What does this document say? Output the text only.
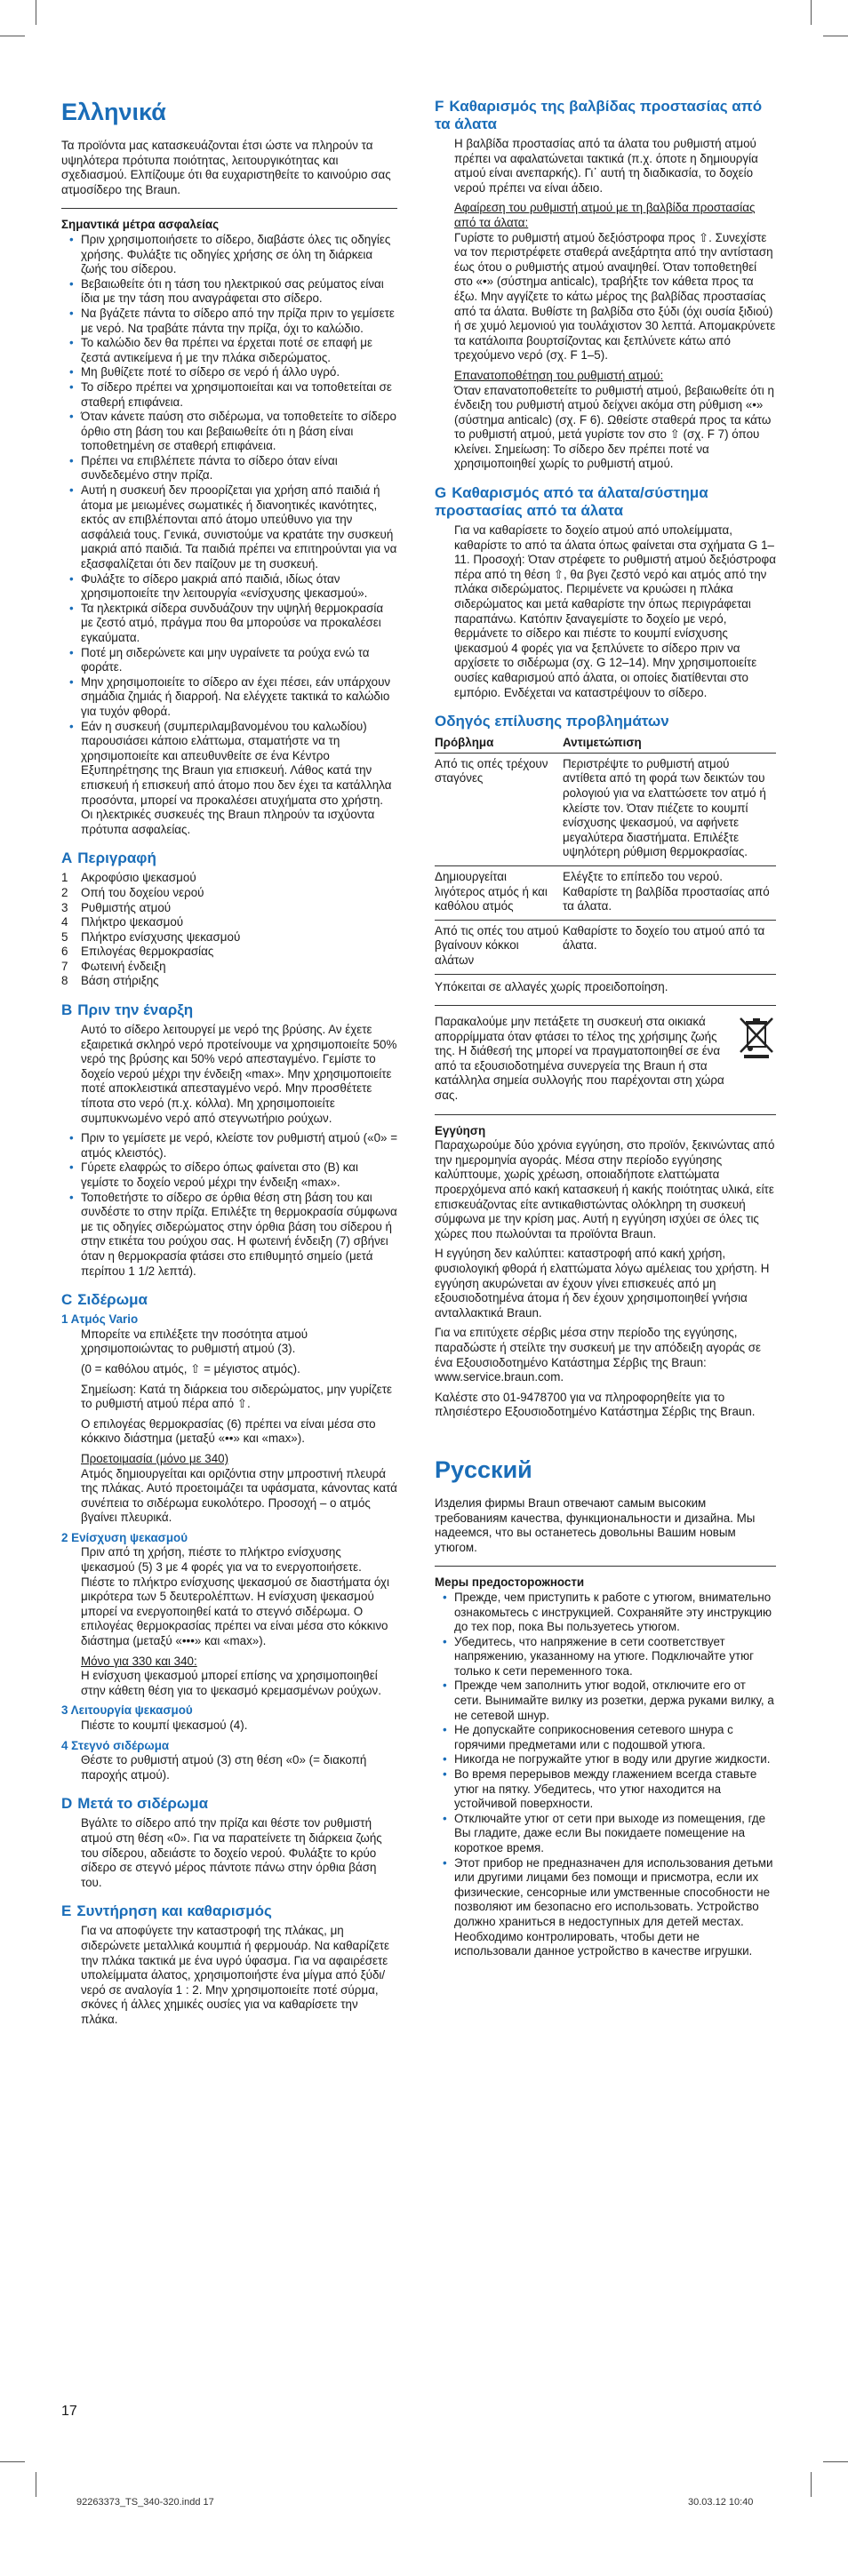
Ελληνικά

Τα προϊόντα μας κατασκευάζονται έτσι ώστε να πληρούν τα υψηλότερα πρότυπα ποιότητας, λειτουργικότητας και σχεδιασμού. Ελπίζουμε ότι θα ευχαριστηθείτε το καινούριο σας ατμοσίδερο της Braun.

Σημαντικά μέτρα ασφαλείας
• Πριν χρησιμοποιήσετε το σίδερο, διαβάστε όλες τις οδηγίες χρήσης. Φυλάξτε τις οδηγίες χρήσης σε όλη τη διάρκεια ζωής του σίδερου.
• Βεβαιωθείτε ότι η τάση του ηλεκτρικού σας ρεύματος είναι ίδια με την τάση που αναγράφεται στο σίδερο.
• Να βγάζετε πάντα το σίδερο από την πρίζα πριν το γεμίσετε με νερό. Να τραβάτε πάντα την πρίζα, όχι το καλώδιο.
• Το καλώδιο δεν θα πρέπει να έρχεται ποτέ σε επαφή με ζεστά αντικείμενα ή με την πλάκα σιδερώματος.
• Μη βυθίζετε ποτέ το σίδερο σε νερό ή άλλο υγρό.
• Το σίδερο πρέπει να χρησιμοποιείται και να τοποθετείται σε σταθερή επιφάνεια.
• Όταν κάνετε παύση στο σιδέρωμα, να τοποθετείτε το σίδερο όρθιο στη βάση του και βεβαιωθείτε ότι η βάση είναι τοποθετημένη σε σταθερή επιφάνεια.
• Πρέπει να επιβλέπετε πάντα το σίδερο όταν είναι συνδεδεμένο στην πρίζα.
• Αυτή η συσκευή δεν προορίζεται για χρήση από παιδιά ή άτομα με μειωμένες σωματικές ή διανοητικές ικανότητες, εκτός αν επιβλέπονται από άτομο υπεύθυνο για την ασφάλειά τους. Γενικά, συνιστούμε να κρατάτε την συσκευή μακριά από παιδιά. Τα παιδιά πρέπει να επιτηρούνται για να εξασφαλίζεται ότι δεν παίζουν με τη συσκευή.
• Φυλάξτε το σίδερο μακριά από παιδιά, ιδίως όταν χρησιμοποιείτε την λειτουργία «ενίσχυσης ψεκασμού».
• Τα ηλεκτρικά σίδερα συνδυάζουν την υψηλή θερμοκρασία με ζεστό ατμό, πράγμα που θα μπορούσε να προκαλέσει εγκαύματα.
• Ποτέ μη σιδερώνετε και μην υγραίνετε τα ρούχα ενώ τα φοράτε.
• Μην χρησιμοποιείτε το σίδερο αν έχει πέσει, εάν υπάρχουν σημάδια ζημιάς ή διαρροή. Να ελέγχετε τακτικά το καλώδιο για τυχόν φθορά.
• Εάν η συσκευή (συμπεριλαμβανομένου του καλωδίου) παρουσιάσει κάποιο ελάττωμα, σταματήστε να τη χρησιμοποιείτε και απευθυνθείτε σε ένα Κέντρο Εξυπηρέτησης της Braun για επισκευή. Λάθος κατά την επισκευή ή επισκευή από άτομο που δεν έχει τα κατάλληλα προσόντα, μπορεί να προκαλέσει ατυχήματα στο χρήστη. Οι ηλεκτρικές συσκευές της Braun πληρούν τα ισχύοντα πρότυπα ασφαλείας.
A Περιγραφή
1	Ακροφύσιο ψεκασμού
2	Οπή του δοχείου νερού
3	Ρυθμιστής ατμού
4	Πλήκτρο ψεκασμού
5	Πλήκτρο ενίσχυσης ψεκασμού
6	Επιλογέας θερμοκρασίας
7	Φωτεινή ένδειξη
8	Βάση στήριξης
B Πριν την έναρξη

Αυτό το σίδερο λειτουργεί με νερό της βρύσης. Αν έχετε εξαιρετικά σκληρό νερό προτείνουμε να χρησιμοποιείτε 50% νερό της βρύσης και 50% νερό απεσταγμένο. Γεμίστε το δοχείο νερού μέχρι την ένδειξη «max». Μην χρησιμοποιείτε ποτέ αποκλειστικά απεσταγμένο νερό. Μην προσθέτετε τίποτα στο νερό (π.χ. κόλλα). Μη χρησιμοποιείτε συμπυκνωμένο νερό από στεγνωτήριο ρούχων.

• Πριν το γεμίσετε με νερό, κλείστε τον ρυθμιστή ατμού («0» = ατμός κλειστός).
• Γύρετε ελαφρώς το σίδερο όπως φαίνεται στο (B) και γεμίστε το δοχείο νερού μέχρι την ένδειξη «max».
• Τοποθετήστε το σίδερο σε όρθια θέση στη βάση του και συνδέστε το στην πρίζα. Επιλέξτε τη θερμοκρασία σύμφωνα με τις οδηγίες σιδερώματος στην όρθια βάση του σίδερου ή στην ετικέτα του ρούχου σας. Η φωτεινή ένδειξη (7) σβήνει όταν η θερμοκρασία φτάσει στο επιθυμητό σημείο (μετά περίπου 1 1/2 λεπτά).
C Σιδέρωμα
1 Ατμός Vario

Μπορείτε να επιλέξετε την ποσότητα ατμού χρησιμοποιώντας το ρυθμιστή ατμού (3).

(0 = καθόλου ατμός, ⇧ = μέγιστος ατμός).

Σημείωση: Κατά τη διάρκεια του σιδερώματος, μην γυρίζετε το ρυθμιστή ατμού πέρα από ⇧.

Ο επιλογέας θερμοκρασίας (6) πρέπει να είναι μέσα στο κόκκινο διάστημα (μεταξύ «••» και «max»).

Προετοιμασία (μόνο με 340)

Ατμός δημιουργείται και οριζόντια στην μπροστινή πλευρά της πλάκας. Αυτό προετοιμάζει τα υφάσματα, κάνοντας κατά συνέπεια το σιδέρωμα ευκολότερο. Προσοχή – ο ατμός βγαίνει πλευρικά.

2 Ενίσχυση ψεκασμού

Πριν από τη χρήση, πιέστε το πλήκτρο ενίσχυσης ψεκασμού (5) 3 με 4 φορές για να το ενεργοποιήσετε. Πιέστε το πλήκτρο ενίσχυσης ψεκασμού σε διαστήματα όχι μικρότερα των 5 δευτερολέπτων. Η ενίσχυση ψεκασμού μπορεί να ενεργοποιηθεί κατά το στεγνό σιδέρωμα. Ο επιλογέας θερμοκρασίας πρέπει να είναι μέσα στο κόκκινο διάστημα (μεταξύ «•••» και «max»).

Μόνο για 330 και 340:

Η ενίσχυση ψεκασμού μπορεί επίσης να χρησιμοποιηθεί στην κάθετη θέση για το ψεκασμό κρεμασμένων ρούχων.

3 Λειτουργία ψεκασμού

Πιέστε το κουμπί ψεκασμού (4).

4 Στεγνό σιδέρωμα

Θέστε το ρυθμιστή ατμού (3) στη θέση «0» (= διακοπή παροχής ατμού).

D Μετά το σιδέρωμα

Βγάλτε το σίδερο από την πρίζα και θέστε τον ρυθμιστή ατμού στη θέση «0». Για να παρατείνετε τη διάρκεια ζωής του σίδερου, αδειάστε το δοχείο νερού. Φυλάξτε το κρύο σίδερο σε στεγνό μέρος πάντοτε πάνω στην όρθια βάση του.

E Συντήρηση και καθαρισμός

Για να αποφύγετε την καταστροφή της πλάκας, μη σιδερώνετε μεταλλικά κουμπιά ή φερμουάρ. Να καθαρίζετε την πλάκα τακτικά με ένα υγρό ύφασμα. Για να αφαιρέσετε υπολείμματα άλατος, χρησιμοποιήστε ένα μίγμα από ξύδι/νερό σε αναλογία 1 : 2. Μην χρησιμοποιείτε ποτέ σύρμα, σκόνες ή άλλες χημικές ουσίες για να καθαρίσετε την πλάκα.

F Καθαρισμός της βαλβίδας προστασίας από τα άλατα

Η βαλβίδα προστασίας από τα άλατα του ρυθμιστή ατμού πρέπει να αφαλατώνεται τακτικά (π.χ. όποτε η δημιουργία ατμού είναι ανεπαρκής). Γι᾽ αυτή τη διαδικασία, το δοχείο νερού πρέπει να είναι άδειο.

Αφαίρεση του ρυθμιστή ατμού με τη βαλβίδα προστασίας από τα άλατα:

Γυρίστε το ρυθμιστή ατμού δεξιόστροφα προς ⇧. Συνεχίστε να τον περιστρέφετε σταθερά ανεξάρτητα από την αντίσταση έως ότου ο ρυθμιστής ατμού αναψηθεί. Όταν τοποθετηθεί στο «•» (σύστημα anticalc), τραβήξτε τον κάθετα προς τα έξω. Μην αγγίζετε το κάτω μέρος της βαλβίδας προστασίας από τα άλατα. Βυθίστε τη βαλβίδα στο ξύδι (όχι ουσία ξιδιού) ή σε χυμό λεμονιού για τουλάχιστον 30 λεπτά. Απομακρύνετε τα κατάλοιπα βουρτσίζοντας και ξεπλύνετε κάτω από τρεχούμενο νερό (σχ. F 1–5).

Επανατοποθέτηση του ρυθμιστή ατμού:

Όταν επανατοποθετείτε το ρυθμιστή ατμού, βεβαιωθείτε ότι η ένδειξη του ρυθμιστή ατμού δείχνει ακόμα στη ρύθμιση «•» (σύστημα anticalc) (σχ. F 6). Ωθείστε σταθερά προς τα κάτω το ρυθμιστή ατμού, μετά γυρίστε τον στο ⇧ (σχ. F 7) όπου κλείνει. Σημείωση: Το σίδερο δεν πρέπει ποτέ να χρησιμοποιηθεί χωρίς το ρυθμιστή ατμού.

G Καθαρισμός από τα άλατα/σύστημα προστασίας από τα άλατα

Για να καθαρίσετε το δοχείο ατμού από υπολείμματα, καθαρίστε το από τα άλατα όπως φαίνεται στα σχήματα G 1–11. Προσοχή: Όταν στρέφετε το ρυθμιστή ατμού δεξιόστροφα πέρα από τη θέση ⇧, θα βγει ζεστό νερό και ατμός από την πλάκα σιδερώματος. Περιμένετε να κρυώσει η πλάκα σιδερώματος και μετά καθαρίστε την όπως περιγράφεται παραπάνω. Κατόπιν ξαναγεμίστε το δοχείο με νερό, θερμάνετε το σίδερο και πιέστε το κουμπί ενίσχυσης ψεκασμού 4 φορές για να ξεπλύνετε το σίδερο πριν να αρχίσετε το σιδέρωμα (σχ. G 12–14). Μην χρησιμοποιείτε ουσίες καθαρισμού από άλατα, οι οποίες διατίθενται στο εμπόριο. Ενδέχεται να καταστρέψουν το σίδερο.

Οδηγός επίλυσης προβλημάτων
Πρόβλημα	Αντιμετώπιση
Από τις οπές τρέχουν σταγόνες	Περιστρέψτε το ρυθμιστή ατμού αντίθετα από τη φορά των δεικτών του ρολογιού για να ελαττώσετε τον ατμό ή κλείστε τον. Όταν πιέζετε το κουμπί ενίσχυσης ψεκασμού, να αφήνετε μεγαλύτερα διαστήματα. Επιλέξτε υψηλότερη ρύθμιση θερμοκρασίας.
Δημιουργείται λιγότερος ατμός ή και καθόλου ατμός	Ελέγξτε το επίπεδο του νερού. Καθαρίστε τη βαλβίδα προστασίας από τα άλατα.
Από τις οπές του ατμού βγαίνουν κόκκοι αλάτων	Καθαρίστε το δοχείο του ατμού από τα άλατα.

Υπόκειται σε αλλαγές χωρίς προειδοποίηση.

Παρακαλούμε μην πετάξετε τη συσκευή στα οικιακά απορρίμματα όταν φτάσει το τέλος της χρήσιμης ζωής της. Η διάθεσή της μπορεί να πραγματοποιηθεί σε ένα από τα εξουσιοδοτημένα συνεργεία της Braun ή στα κατάλληλα σημεία συλλογής που παρέχονται στη χώρα σας.
Εγγύηση

Παραχωρούμε δύο χρόνια εγγύηση, στο προϊόν, ξεκινώντας από την ημερομηνία αγοράς. Μέσα στην περίοδο εγγύησης καλύπτουμε, χωρίς χρέωση, οποιαδήποτε ελαττώματα προερχόμενα από κακή κατασκευή ή κακής ποιότητας υλικά, είτε επισκευάζοντας είτε αντικαθιστώντας ολόκληρη τη συσκευή σύμφωνα με την κρίση μας. Αυτή η εγγύηση ισχύει σε όλες τις χώρες που πωλούνται τα προϊόντα Braun.

Η εγγύηση δεν καλύπτει: καταστροφή από κακή χρήση, φυσιολογική φθορά ή ελαττώματα λόγω αμέλειας του χρήστη. Η εγγύηση ακυρώνεται αν έχουν γίνει επισκευές από μη εξουσιοδοτημένα άτομα ή δεν έχουν χρησιμοποιηθεί γνήσια ανταλλακτικά Braun.

Για να επιτύχετε σέρβις μέσα στην περίοδο της εγγύησης, παραδώστε ή στείλτε την συσκευή με την απόδειξη αγοράς σε ένα Εξουσιοδοτημένο Κατάστημα Σέρβις της Braun: www.service.braun.com.

Καλέστε στο 01-9478700 για να πληροφορηθείτε για το πλησιέστερο Εξουσιοδοτημένο Κατάστημα Σέρβις της Braun.

Pyccкий

Изделия фирмы Braun отвечают самым высоким требованиям качества, функциональности и дизайна. Мы надеемся, что вы останетесь довольны Вашим новым утюгом.

Меры предосторожности
• Прежде, чем приступить к работе с утюгом, внимательно ознакомьтесь с инструкцией. Сохраняйте эту инструкцию до тех пор, пока Вы пользуетесь утюгом.
• Убедитесь, что напряжение в сети соответствует напряжению, указанному на утюге. Подключайте утюг только к сети переменного тока.
• Прежде чем заполнить утюг водой, отключите его от сети. Вынимайте вилку из розетки, держа руками вилку, а не сетевой шнур.
• Не допускайте соприкосновения сетевого шнура с горячими предметами или с подошвой утюга.
• Никогда не погружайте утюг в воду или другие жидкости.
• Во время перерывов между глажением всегда ставьте утюг на пятку. Убедитесь, что утюг находится на устойчивой поверхности.
• Отключайте утюг от сети при выходе из помещения, где Вы гладите, даже если Вы покидаете помещение на короткое время.
• Этот прибор не предназначен для использования детьми или другими лицами без помощи и присмотра, если их физические, сенсорные или умственные способности не позволяют им безопасно его использовать. Устройство должно храниться в недоступных для детей местах. Необходимо контролировать, чтобы дети не использовали данное устройство в качестве игрушки.
17
92263373_TS_340-320.indd 17	30.03.12 10:40
